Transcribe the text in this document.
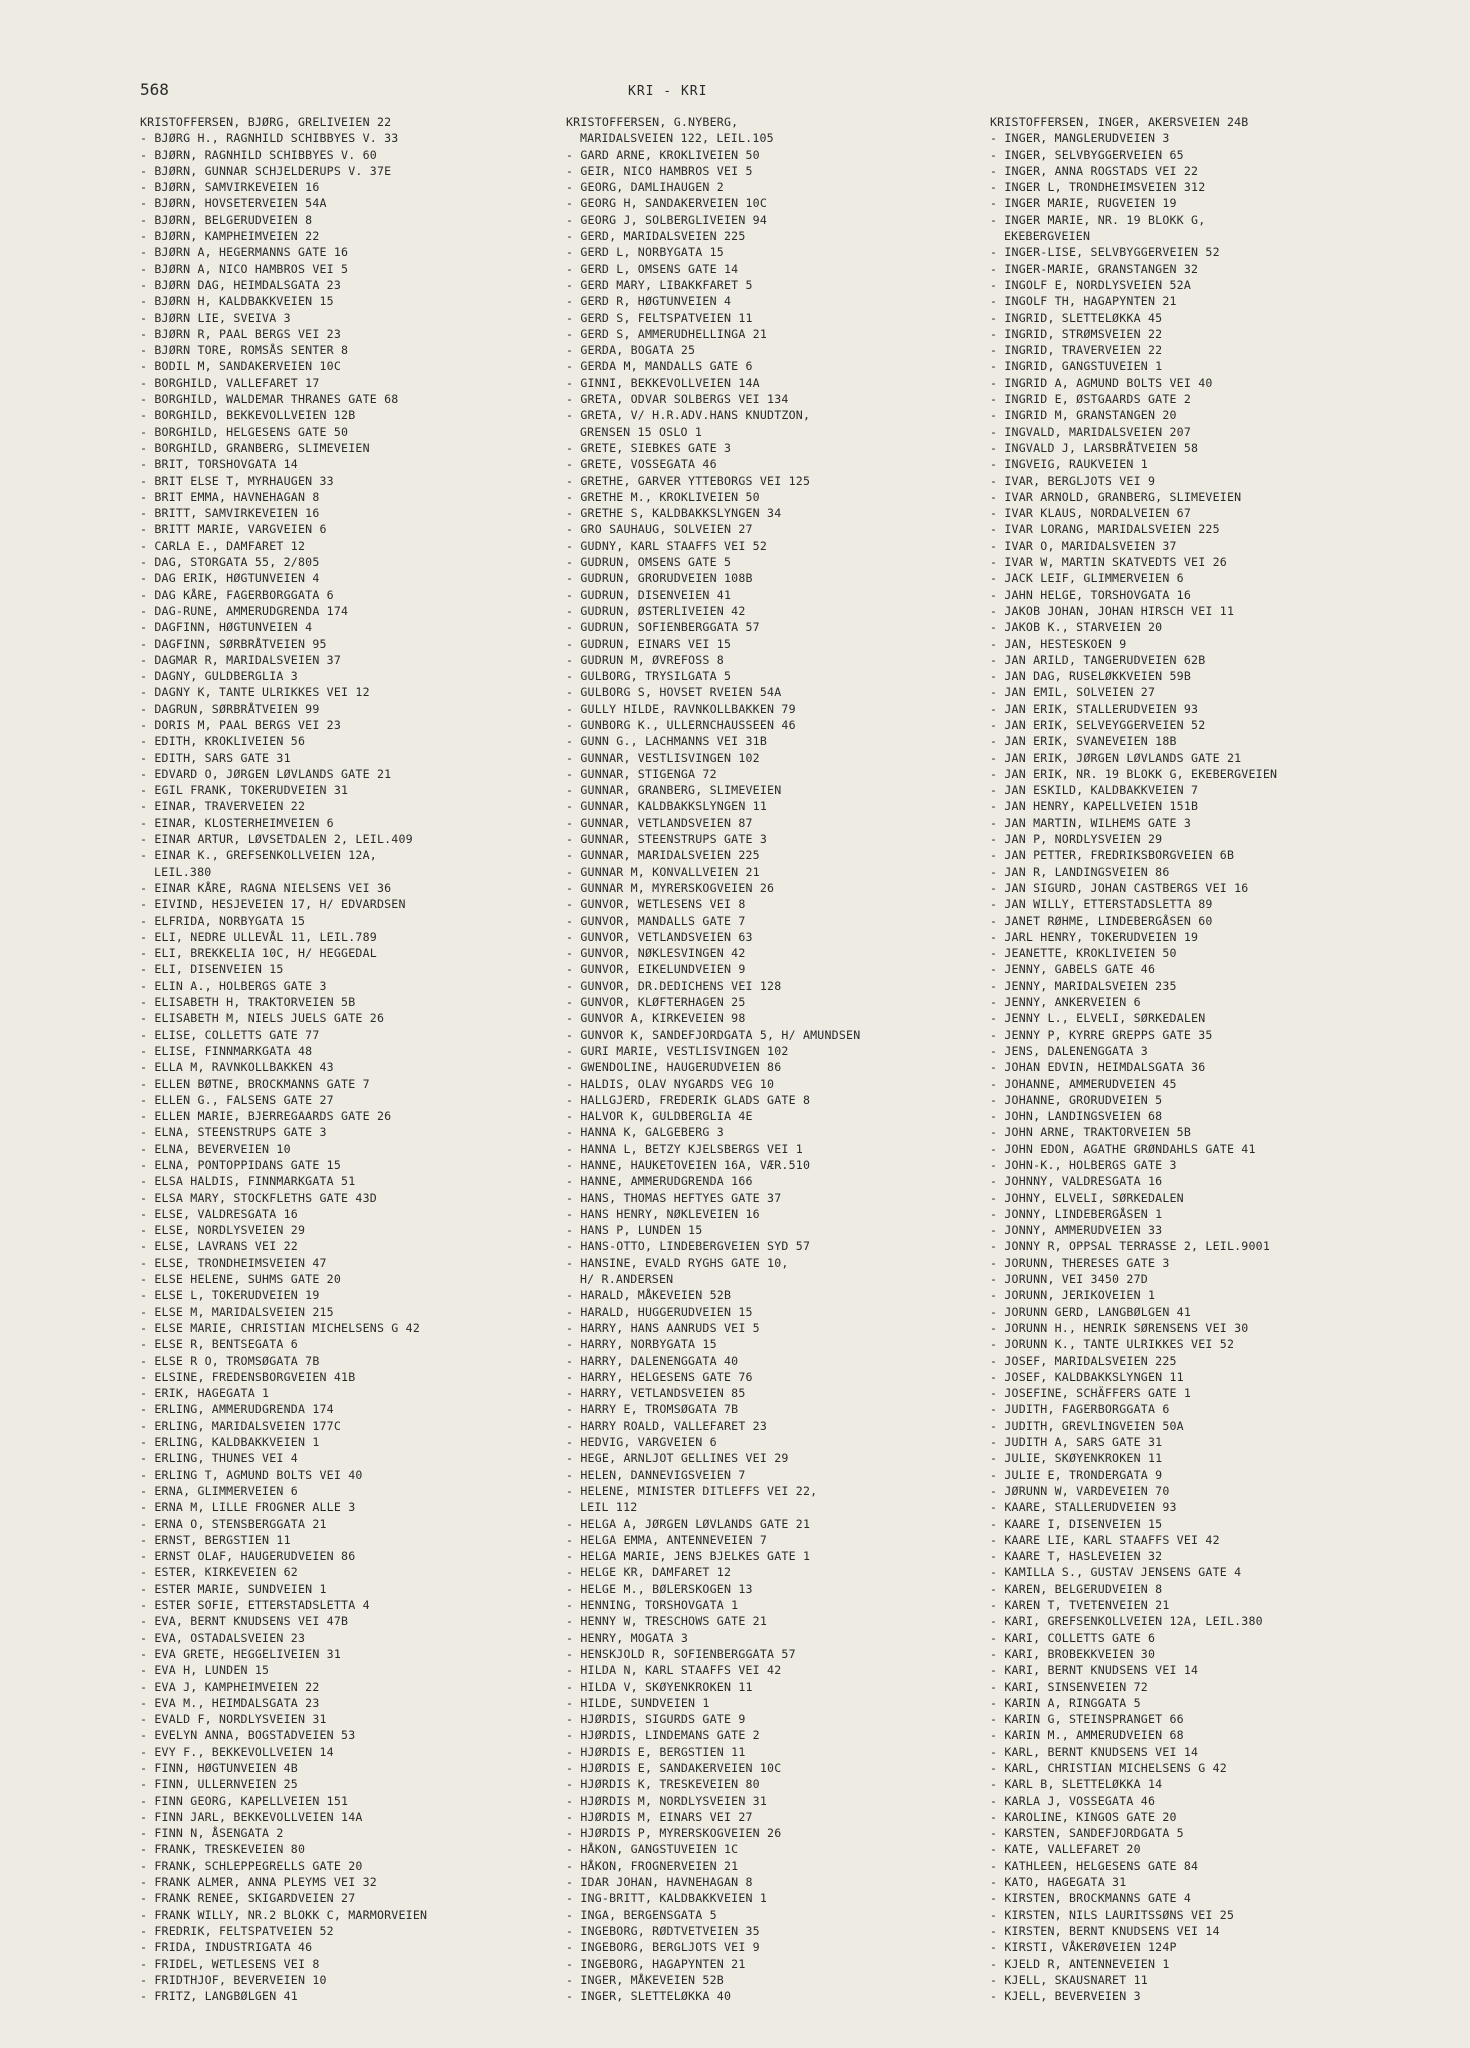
568	KRI - KRI
KRISTOFFERSEN, BJØRG, GRELIVEIEN 22
- BJØRG H., RAGNHILD SCHIBBYES V. 33
- BJØRN, RAGNHILD SCHIBBYES V. 60
- BJØRN, GUNNAR SCHJELDERUPS V. 37E
- BJØRN, SAMVIRKEVEIEN 16
- BJØRN, HOVSETERVEIEN 54A
- BJØRN, BELGERUDVEIEN 8
- BJØRN, KAMPHEIMVEIEN 22
- BJØRN A, HEGERMANNS GATE 16
- BJØRN A, NICO HAMBROS VEI 5
- BJØRN DAG, HEIMDALSGATA 23
- BJØRN H, KALDBAKKVEIEN 15
- BJØRN LIE, SVEIVA 3
- BJØRN R, PAAL BERGS VEI 23
- BJØRN TORE, ROMSÅS SENTER 8
- BODIL M, SANDAKERVEIEN 10C
- BORGHILD, VALLEFARET 17
- BORGHILD, WALDEMAR THRANES GATE 68
- BORGHILD, BEKKEVOLLVEIEN 12B
- BORGHILD, HELGESENS GATE 50
- BORGHILD, GRANBERG, SLIMEVEIEN
- BRIT, TORSHOVGATA 14
- BRIT ELSE T, MYRHAUGEN 33
- BRIT EMMA, HAVNEHAGAN 8
- BRITT, SAMVIRKEVEIEN 16
- BRITT MARIE, VARGVEIEN 6
- CARLA E., DAMFARET 12
- DAG, STORGATA 55, 2/805
- DAG ERIK, HØGTUNVEIEN 4
- DAG KÅRE, FAGERBORGGATA 6
- DAG-RUNE, AMMERUDGRENDA 174
- DAGFINN, HØGTUNVEIEN 4
- DAGFINN, SØRBRÅTVEIEN 95
- DAGMAR R, MARIDALSVEIEN 37
- DAGNY, GULDBERGLIA 3
- DAGNY K, TANTE ULRIKKES VEI 12
- DAGRUN, SØRBRÅTVEIEN 99
- DORIS M, PAAL BERGS VEI 23
- EDITH, KROKLIVEIEN 56
- EDITH, SARS GATE 31
- EDVARD O, JØRGEN LØVLANDS GATE 21
- EGIL FRANK, TOKERUDVEIEN 31
- EINAR, TRAVERVEIEN 22
- EINAR, KLOSTERHEIMVEIEN 6
- EINAR ARTUR, LØVSETDALEN 2, LEIL.409
- EINAR K., GREFSENKOLLVEIEN 12A,
LEIL.380
- EINAR KÅRE, RAGNA NIELSENS VEI 36
- EIVIND, HESJEVEIEN 17, H/ EDVARDSEN
- ELFRIDA, NORBYGATA 15
- ELI, NEDRE ULLEVÅL 11, LEIL.789
- ELI, BREKKELIA 10C, H/ HEGGEDAL
- ELI, DISENVEIEN 15
- ELIN A., HOLBERGS GATE 3
- ELISABETH H, TRAKTORVEIEN 5B
- ELISABETH M, NIELS JUELS GATE 26
- ELISE, COLLETTS GATE 77
- ELISE, FINNMARKGATA 48
- ELLA M, RAVNKOLLBAKKEN 43
- ELLEN BØTNE, BROCKMANNS GATE 7
- ELLEN G., FALSENS GATE 27
- ELLEN MARIE, BJERREGAARDS GATE 26
- ELNA, STEENSTRUPS GATE 3
- ELNA, BEVERVEIEN 10
- ELNA, PONTOPPIDANS GATE 15
- ELSA HALDIS, FINNMARKGATA 51
- ELSA MARY, STOCKFLETHS GATE 43D
- ELSE, VALDRESGATA 16
- ELSE, NORDLYSVEIEN 29
- ELSE, LAVRANS VEI 22
- ELSE, TRONDHEIMSVEIEN 47
- ELSE HELENE, SUHMS GATE 20
- ELSE L, TOKERUDVEIEN 19
- ELSE M, MARIDALSVEIEN 215
- ELSE MARIE, CHRISTIAN MICHELSENS G 42
- ELSE R, BENTSEGATA 6
- ELSE R O, TROMSØGATA 7B
- ELSINE, FREDENSBORGVEIEN 41B
- ERIK, HAGEGATA 1
- ERLING, AMMERUDGRENDA 174
- ERLING, MARIDALSVEIEN 177C
- ERLING, KALDBAKKVEIEN 1
- ERLING, THUNES VEI 4
- ERLING T, AGMUND BOLTS VEI 40
- ERNA, GLIMMERVEIEN 6
- ERNA M, LILLE FROGNER ALLE 3
- ERNA O, STENSBERGGATA 21
- ERNST, BERGSTIEN 11
- ERNST OLAF, HAUGERUDVEIEN 86
- ESTER, KIRKEVEIEN 62
- ESTER MARIE, SUNDVEIEN 1
- ESTER SOFIE, ETTERSTADSLETTA 4
- EVA, BERNT KNUDSENS VEI 47B
- EVA, OSTADALSVEIEN 23
- EVA GRETE, HEGGELIVEIEN 31
- EVA H, LUNDEN 15
- EVA J, KAMPHEIMVEIEN 22
- EVA M., HEIMDALSGATA 23
- EVALD F, NORDLYSVEIEN 31
- EVELYN ANNA, BOGSTADVEIEN 53
- EVY F., BEKKEVOLLVEIEN 14
- FINN, HØGTUNVEIEN 4B
- FINN, ULLERNVEIEN 25
- FINN GEORG, KAPELLVEIEN 151
- FINN JARL, BEKKEVOLLVEIEN 14A
- FINN N, ÅSENGATA 2
- FRANK, TRESKEVEIEN 80
- FRANK, SCHLEPPEGRELLS GATE 20
- FRANK ALMER, ANNA PLEYMS VEI 32
- FRANK RENEE, SKIGARDVEIEN 27
- FRANK WILLY, NR.2 BLOKK C, MARMORVEIEN
- FREDRIK, FELTSPATVEIEN 52
- FRIDA, INDUSTRIGATA 46
- FRIDEL, WETLESENS VEI 8
- FRIDTHJOF, BEVERVEIEN 10
- FRITZ, LANGBØLGEN 41
KRISTOFFERSEN, G.NYBERG,
MARIDALSVEIEN 122, LEIL.105
- GARD ARNE, KROKLIVEIEN 50
- GEIR, NICO HAMBROS VEI 5
- GEORG, DAMLIHAUGEN 2
- GEORG H, SANDAKERVEIEN 10C
- GEORG J, SOLBERGLIVEIEN 94
- GERD, MARIDALSVEIEN 225
- GERD L, NORBYGATA 15
- GERD L, OMSENS GATE 14
- GERD MARY, LIBAKKFARET 5
- GERD R, HØGTUNVEIEN 4
- GERD S, FELTSPATVEIEN 11
- GERD S, AMMERUDHELLINGA 21
- GERDA, BOGATA 25
- GERDA M, MANDALLS GATE 6
- GINNI, BEKKEVOLLVEIEN 14A
- GRETA, ODVAR SOLBERGS VEI 134
- GRETA, V/ H.R.ADV.HANS KNUDTZON,
GRENSEN 15 OSLO 1
- GRETE, SIEBKES GATE 3
- GRETE, VOSSEGATA 46
- GRETHE, GARVER YTTEBORGS VEI 125
- GRETHE M., KROKLIVEIEN 50
- GRETHE S, KALDBAKKSLYNGEN 34
- GRO SAUHAUG, SOLVEIEN 27
- GUDNY, KARL STAAFFS VEI 52
- GUDRUN, OMSENS GATE 5
- GUDRUN, GRORUDVEIEN 108B
- GUDRUN, DISENVEIEN 41
- GUDRUN, ØSTERLIVEIEN 42
- GUDRUN, SOFIENBERGGATA 57
- GUDRUN, EINARS VEI 15
- GUDRUN M, ØVREFOSS 8
- GULBORG, TRYSILGATA 5
- GULBORG S, HOVSET RVEIEN 54A
- GULLY HILDE, RAVNKOLLBAKKEN 79
- GUNBORG K., ULLERNCHAUSSEEN 46
- GUNN G., LACHMANNS VEI 31B
- GUNNAR, VESTLISVINGEN 102
- GUNNAR, STIGENGA 72
- GUNNAR, GRANBERG, SLIMEVEIEN
- GUNNAR, KALDBAKKSLYNGEN 11
- GUNNAR, VETLANDSVEIEN 87
- GUNNAR, STEENSTRUPS GATE 3
- GUNNAR, MARIDALSVEIEN 225
- GUNNAR M, KONVALLVEIEN 21
- GUNNAR M, MYRERSKOGVEIEN 26
- GUNVOR, WETLESENS VEI 8
- GUNVOR, MANDALLS GATE 7
- GUNVOR, VETLANDSVEIEN 63
- GUNVOR, NØKLESVINGEN 42
- GUNVOR, EIKELUNDVEIEN 9
- GUNVOR, DR.DEDICHENS VEI 128
- GUNVOR, KLØFTERHAGEN 25
- GUNVOR A, KIRKEVEIEN 98
- GUNVOR K, SANDEFJORDGATA 5, H/ AMUNDSEN
- GURI MARIE, VESTLISVINGEN 102
- GWENDOLINE, HAUGERUDVEIEN 86
- HALDIS, OLAV NYGARDS VEG 10
- HALLGJERD, FREDERIK GLADS GATE 8
- HALVOR K, GULDBERGLIA 4E
- HANNA K, GALGEBERG 3
- HANNA L, BETZY KJELSBERGS VEI 1
- HANNE, HAUKETOVEIEN 16A, VÆR.510
- HANNE, AMMERUDGRENDA 166
- HANS, THOMAS HEFTYES GATE 37
- HANS HENRY, NØKLEVEIEN 16
- HANS P, LUNDEN 15
- HANS-OTTO, LINDEBERGVEIEN SYD 57
- HANSINE, EVALD RYGHS GATE 10,
H/ R.ANDERSEN
- HARALD, MÅKEVEIEN 52B
- HARALD, HUGGERUDVEIEN 15
- HARRY, HANS AANRUDS VEI 5
- HARRY, NORBYGATA 15
- HARRY, DALENENGGATA 40
- HARRY, HELGESENS GATE 76
- HARRY, VETLANDSVEIEN 85
- HARRY E, TROMSØGATA 7B
- HARRY ROALD, VALLEFARET 23
- HEDVIG, VARGVEIEN 6
- HEGE, ARNLJOT GELLINES VEI 29
- HELEN, DANNEVIGSVEIEN 7
- HELENE, MINISTER DITLEFFS VEI 22,
LEIL 112
- HELGA A, JØRGEN LØVLANDS GATE 21
- HELGA EMMA, ANTENNEVEIEN 7
- HELGA MARIE, JENS BJELKES GATE 1
- HELGE KR, DAMFARET 12
- HELGE M., BØLERSKOGEN 13
- HENNING, TORSHOVGATA 1
- HENNY W, TRESCHOWS GATE 21
- HENRY, MOGATA 3
- HENSKJOLD R, SOFIENBERGGATA 57
- HILDA N, KARL STAAFFS VEI 42
- HILDA V, SKØYENKROKEN 11
- HILDE, SUNDVEIEN 1
- HJØRDIS, SIGURDS GATE 9
- HJØRDIS, LINDEMANS GATE 2
- HJØRDIS E, BERGSTIEN 11
- HJØRDIS E, SANDAKERVEIEN 10C
- HJØRDIS K, TRESKEVEIEN 80
- HJØRDIS M, NORDLYSVEIEN 31
- HJØRDIS M, EINARS VEI 27
- HJØRDIS P, MYRERSKOGVEIEN 26
- HÅKON, GANGSTUVEIEN 1C
- HÅKON, FROGNERVEIEN 21
- IDAR JOHAN, HAVNEHAGAN 8
- ING-BRITT, KALDBAKKVEIEN 1
- INGA, BERGENSGATA 5
- INGEBORG, RØDTVETVEIEN 35
- INGEBORG, BERGLJOTS VEI 9
- INGEBORG, HAGAPYNTEN 21
- INGER, MÅKEVEIEN 52B
- INGER, SLETTELØKKA 40
KRISTOFFERSEN, INGER, AKERSVEIEN 24B
- INGER, MANGLERUDVEIEN 3
- INGER, SELVBYGGERVEIEN 65
- INGER, ANNA ROGSTADS VEI 22
- INGER L, TRONDHEIMSVEIEN 312
- INGER MARIE, RUGVEIEN 19
- INGER MARIE, NR. 19 BLOKK G,
EKEBERGVEIEN
- INGER-LISE, SELVBYGGERVEIEN 52
- INGER-MARIE, GRANSTANGEN 32
- INGOLF E, NORDLYSVEIEN 52A
- INGOLF TH, HAGAPYNTEN 21
- INGRID, SLETTELØKKA 45
- INGRID, STRØMSVEIEN 22
- INGRID, TRAVERVEIEN 22
- INGRID, GANGSTUVEIEN 1
- INGRID A, AGMUND BOLTS VEI 40
- INGRID E, ØSTGAARDS GATE 2
- INGRID M, GRANSTANGEN 20
- INGVALD, MARIDALSVEIEN 207
- INGVALD J, LARSBRÅTVEIEN 58
- INGVEIG, RAUKVEIEN 1
- IVAR, BERGLJOTS VEI 9
- IVAR ARNOLD, GRANBERG, SLIMEVEIEN
- IVAR KLAUS, NORDALVEIEN 67
- IVAR LORANG, MARIDALSVEIEN 225
- IVAR O, MARIDALSVEIEN 37
- IVAR W, MARTIN SKATVEDTS VEI 26
- JACK LEIF, GLIMMERVEIEN 6
- JAHN HELGE, TORSHOVGATA 16
- JAKOB JOHAN, JOHAN HIRSCH VEI 11
- JAKOB K., STARVEIEN 20
- JAN, HESTESKOEN 9
- JAN ARILD, TANGERUDVEIEN 62B
- JAN DAG, RUSELØKKVEIEN 59B
- JAN EMIL, SOLVEIEN 27
- JAN ERIK, STALLERUDVEIEN 93
- JAN ERIK, SELVEYGGERVEIEN 52
- JAN ERIK, SVANEVEIEN 18B
- JAN ERIK, JØRGEN LØVLANDS GATE 21
- JAN ERIK, NR. 19 BLOKK G, EKEBERGVEIEN
- JAN ESKILD, KALDBAKKVEIEN 7
- JAN HENRY, KAPELLVEIEN 151B
- JAN MARTIN, WILHEMS GATE 3
- JAN P, NORDLYSVEIEN 29
- JAN PETTER, FREDRIKSBORGVEIEN 6B
- JAN R, LANDINGSVEIEN 86
- JAN SIGURD, JOHAN CASTBERGS VEI 16
- JAN WILLY, ETTERSTADSLETTA 89
- JANET RØHME, LINDEBERGÅSEN 60
- JARL HENRY, TOKERUDVEIEN 19
- JEANETTE, KROKLIVEIEN 50
- JENNY, GABELS GATE 46
- JENNY, MARIDALSVEIEN 235
- JENNY, ANKERVEIEN 6
- JENNY L., ELVELI, SØRKEDALEN
- JENNY P, KYRRE GREPPS GATE 35
- JENS, DALENENGGATA 3
- JOHAN EDVIN, HEIMDALSGATA 36
- JOHANNE, AMMERUDVEIEN 45
- JOHANNE, GRORUDVEIEN 5
- JOHN, LANDINGSVEIEN 68
- JOHN ARNE, TRAKTORVEIEN 5B
- JOHN EDON, AGATHE GRØNDAHLS GATE 41
- JOHN-K., HOLBERGS GATE 3
- JOHNNY, VALDRESGATA 16
- JOHNY, ELVELI, SØRKEDALEN
- JONNY, LINDEBERGÅSEN 1
- JONNY, AMMERUDVEIEN 33
- JONNY R, OPPSAL TERRASSE 2, LEIL.9001
- JORUNN, THERESES GATE 3
- JORUNN, VEI 3450 27D
- JORUNN, JERIKOVEIEN 1
- JORUNN GERD, LANGBØLGEN 41
- JORUNN H., HENRIK SØRENSENS VEI 30
- JORUNN K., TANTE ULRIKKES VEI 52
- JOSEF, MARIDALSVEIEN 225
- JOSEF, KALDBAKKSLYNGEN 11
- JOSEFINE, SCHÄFFERS GATE 1
- JUDITH, FAGERBORGGATA 6
- JUDITH, GREVLINGVEIEN 50A
- JUDITH A, SARS GATE 31
- JULIE, SKØYENKROKEN 11
- JULIE E, TRONDERGATA 9
- JØRUNN W, VARDEVEIEN 70
- KAARE, STALLERUDVEIEN 93
- KAARE I, DISENVEIEN 15
- KAARE LIE, KARL STAAFFS VEI 42
- KAARE T, HASLEVEIEN 32
- KAMILLA S., GUSTAV JENSENS GATE 4
- KAREN, BELGERUDVEIEN 8
- KAREN T, TVETENVEIEN 21
- KARI, GREFSENKOLLVEIEN 12A, LEIL.380
- KARI, COLLETTS GATE 6
- KARI, BROBEKKVEIEN 30
- KARI, BERNT KNUDSENS VEI 14
- KARI, SINSENVEIEN 72
- KARIN A, RINGGATA 5
- KARIN G, STEINSPRANGET 66
- KARIN M., AMMERUDVEIEN 68
- KARL, BERNT KNUDSENS VEI 14
- KARL, CHRISTIAN MICHELSENS G 42
- KARL B, SLETTELØKKA 14
- KARLA J, VOSSEGATA 46
- KAROLINE, KINGOS GATE 20
- KARSTEN, SANDEFJORDGATA 5
- KATE, VALLEFARET 20
- KATHLEEN, HELGESENS GATE 84
- KATO, HAGEGATA 31
- KIRSTEN, BROCKMANNS GATE 4
- KIRSTEN, NILS LAURITSSØNS VEI 25
- KIRSTEN, BERNT KNUDSENS VEI 14
- KIRSTI, VÅKERØVEIEN 124P
- KJELD R, ANTENNEVEIEN 1
- KJELL, SKAUSNARET 11
- KJELL, BEVERVEIEN 3
